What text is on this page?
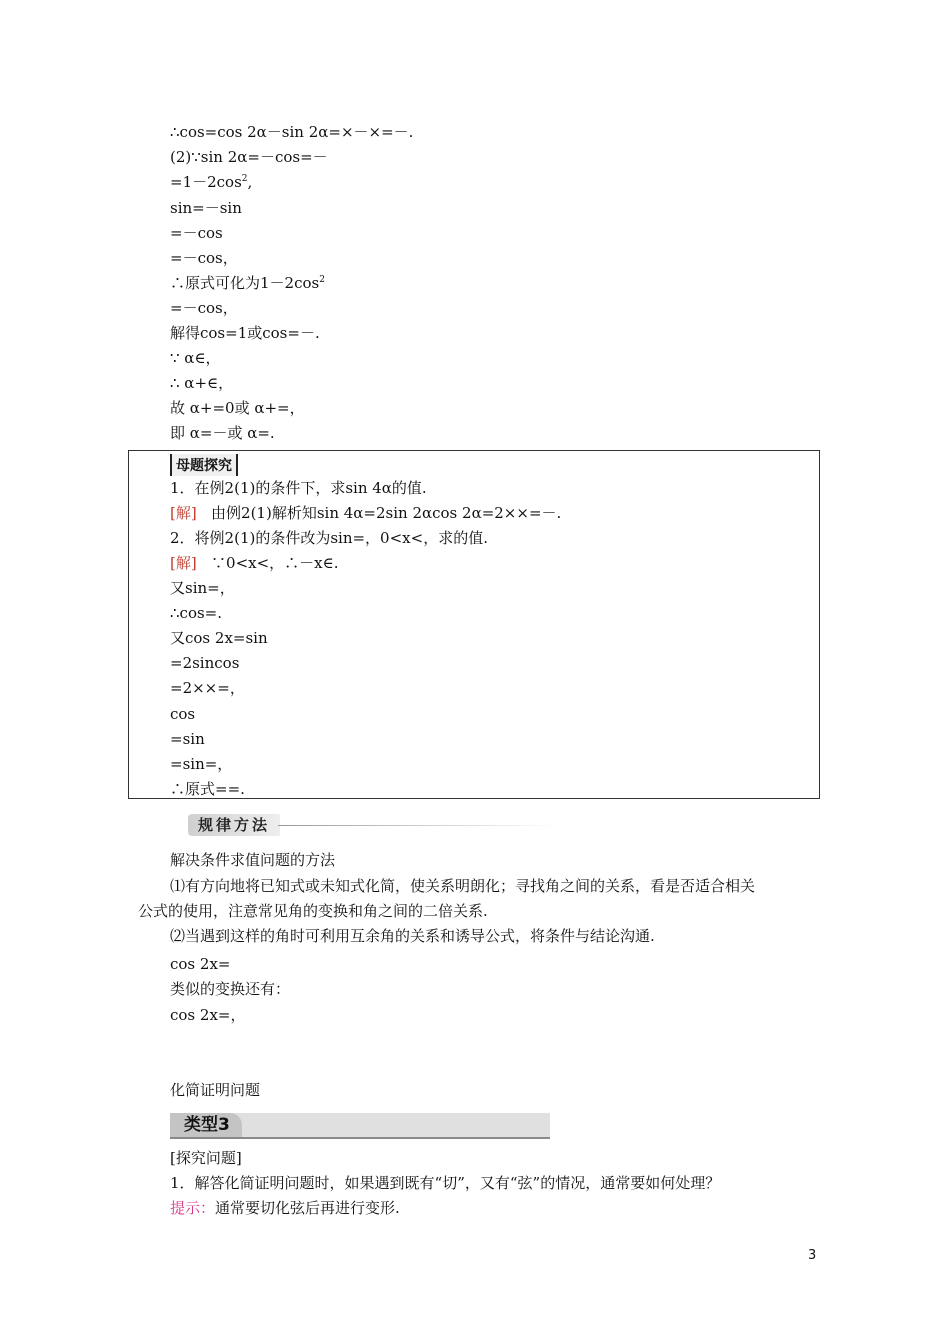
∴cos=cos 2α－sin 2α=×－×=－.
(2)∵sin 2α=－cos=－
$=1-2\cos^2$,
sin=－sin
=－cos
=－cos，
∴原式可化为$1-2\cos^2$
=－cos，
解得cos=1或cos=－.
∵ α∈，
∴ α+∈，
故 α+=0或 α+=，
即 α=－或 α=.
母题探究
1．在例2(1)的条件下，求sin 4α的值.
[解] 由例2(1)解析知sin 4α=2sin 2αcos 2α=2××=－.
2．将例2(1)的条件改为sin=，0<x<，求的值.
[解] ∵0<x<，∴－x∈.
又sin=，
∴cos=.
又cos 2x=sin
=2sincos
=2××=，
cos
=sin
=sin=，
∴原式==.
规律方法
解决条件求值问题的方法
⑴有方向地将已知式或未知式化简，使关系明朗化；寻找角之间的关系，看是否适合相关
公式的使用，注意常见角的变换和角之间的二倍关系.
⑵当遇到这样的角时可利用互余角的关系和诱导公式，将条件与结论沟通.
cos 2x=
类似的变换还有：
cos 2x=，
化简证明问题
类型3
[探究问题]
1．解答化简证明问题时，如果遇到既有“切”，又有“弦”的情况，通常要如何处理？
提示：通常要切化弦后再进行变形.
3
